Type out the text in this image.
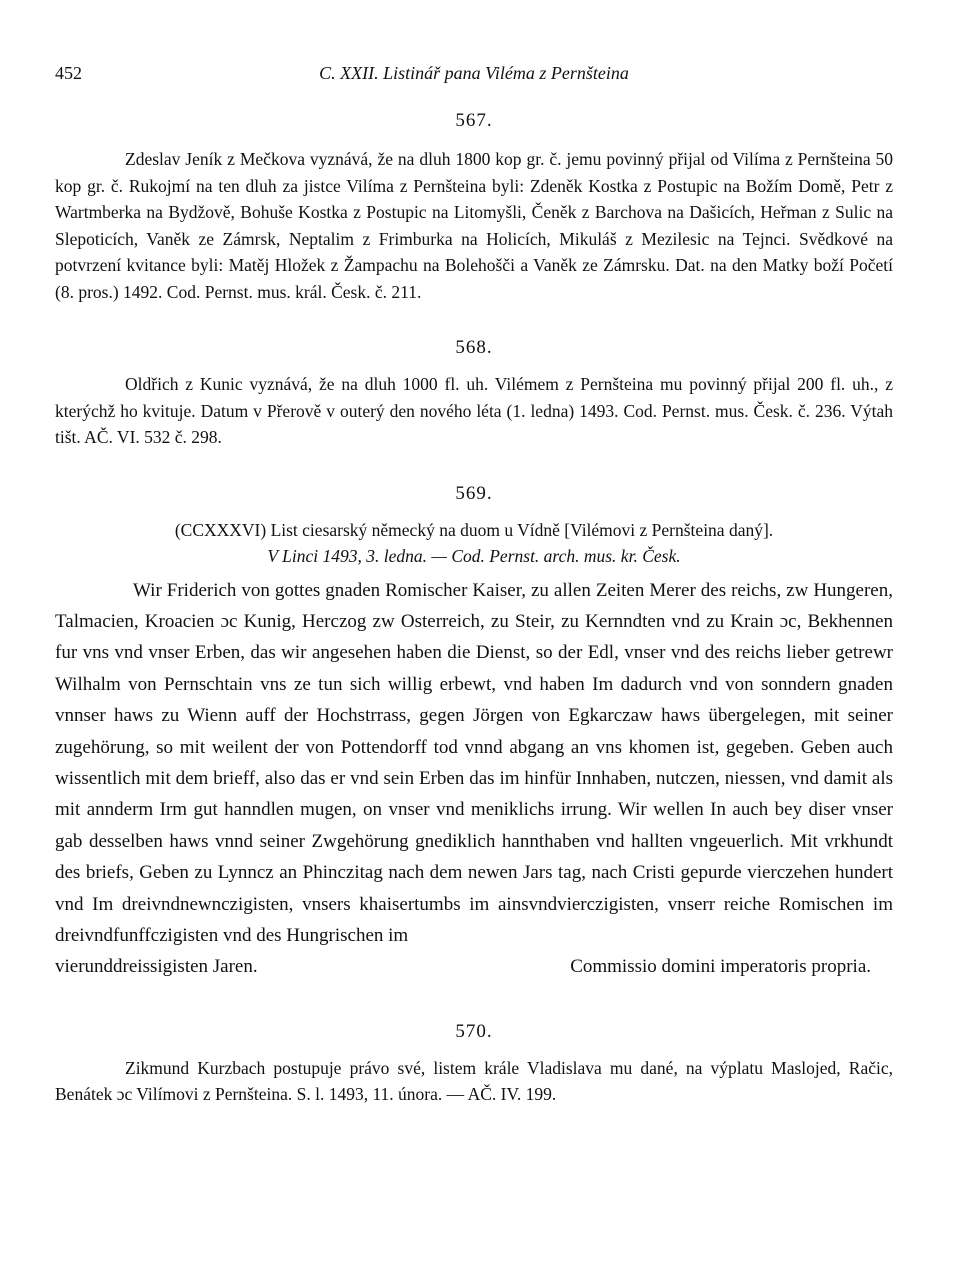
452	C. XXII. Listinář pana Viléma z Pernšteina
567.

Zdeslav Jeník z Mečkova vyznává, že na dluh 1800 kop gr. č. jemu povinný přijal od Vilíma z Pernšteina 50 kop gr. č. Rukojmí na ten dluh za jistce Vilíma z Pernšteina byli: Zdeněk Kostka z Postupic na Božím Domě, Petr z Wartmberka na Bydžově, Bohuše Kostka z Postupic na Litomyšli, Čeněk z Barchova na Dašicích, Heřman z Sulic na Slepoticích, Vaněk ze Zámrsk, Neptalim z Frimburka na Holicích, Mikuláš z Mezilesic na Tejnci. Svědkové na potvrzení kvitance byli: Matěj Hložek z Žampachu na Bolehošči a Vaněk ze Zámrsku. Dat. na den Matky boží Početí (8. pros.) 1492. Cod. Pernst. mus. král. Česk. č. 211.

568.

Oldřich z Kunic vyznává, že na dluh 1000 fl. uh. Vilémem z Pernšteina mu povinný přijal 200 fl. uh., z kterýchž ho kvituje. Datum v Přerově v outerý den nového léta (1. ledna) 1493. Cod. Pernst. mus. Česk. č. 236. Výtah tišt. AČ. VI. 532 č. 298.

569.

(CCXXXVI) List ciesarský německý na duom u Vídně [Vilémovi z Pernšteina daný].

V Linci 1493, 3. ledna. — Cod. Pernst. arch. mus. kr. Česk.

Wir Friderich von gottes gnaden Romischer Kaiser, zu allen Zeiten Merer des reichs, zw Hungeren, Talmacien, Kroacien ɔc Kunig, Herczog zw Osterreich, zu Steir, zu Kernndten vnd zu Krain ɔc, Bekhennen fur vns vnd vnser Erben, das wir angesehen haben die Dienst, so der Edl, vnser vnd des reichs lieber getrewr Wilhalm von Pernschtain vns ze tun sich willig erbewt, vnd haben Im dadurch vnd von sonndern gnaden vnnser haws zu Wienn auff der Hochstrrass, gegen Jörgen von Egkarczaw haws übergelegen, mit seiner zugehörung, so mit weilent der von Pottendorff tod vnnd abgang an vns khomen ist, gegeben. Geben auch wissentlich mit dem brieff, also das er vnd sein Erben das im hinfür Innhaben, nutczen, niessen, vnd damit als mit annderm Irm gut hanndlen mugen, on vnser vnd meniklichs irrung. Wir wellen In auch bey diser vnser gab desselben haws vnnd seiner Zwgehörung gnediklich hannthaben vnd hallten vngeuerlich. Mit vrkhundt des briefs, Geben zu Lynncz an Phinczitag nach dem newen Jars tag, nach Cristi gepurde vierczehen hundert vnd Im dreivndnewnczigisten, vnsers khaisertumbs im ainsvndvierczigisten, vnserr reiche Romischen im dreivndfunffczigisten vnd des Hungrischen im

vierunddreissigisten Jaren.	Commissio domini imperatoris propria.

570.

Zikmund Kurzbach postupuje právo své, listem krále Vladislava mu dané, na výplatu Maslojed, Račic, Benátek ɔc Vilímovi z Pernšteina. S. l. 1493, 11. února. — AČ. IV. 199.
